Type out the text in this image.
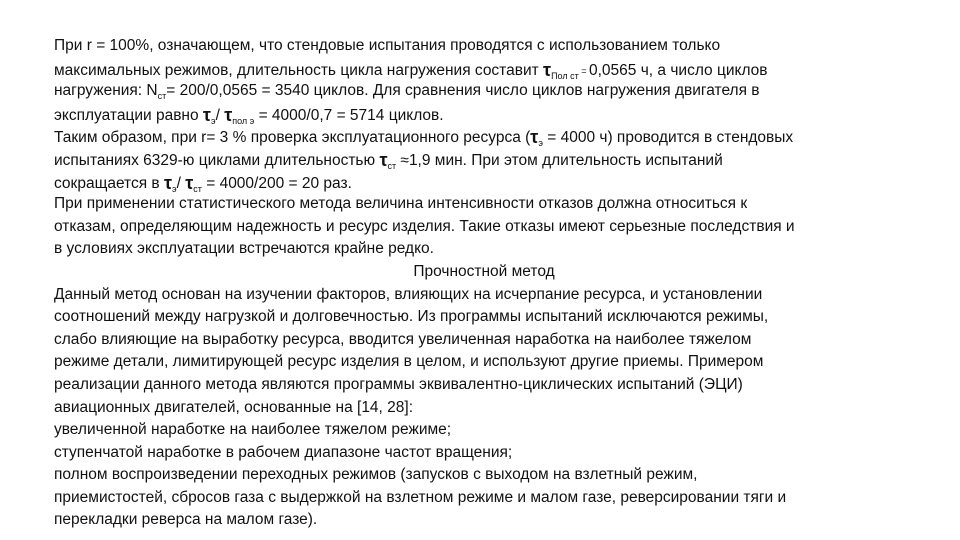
При r = 100%, означающем, что стендовые испытания проводятся с использованием только
максимальных режимов, длительность цикла нагружения составит $\tau_{Пол ст} = 0,0565$ ч, а число циклов
нагружения: $N_{ст}= 200/0,0565 = 3540$ циклов. Для сравнения число циклов нагружения двигателя в
эксплуатации равно $\tau_э/$ $\tau_{пол э} = 4000/0,7 = 5714$ циклов.
Таким образом, при r= 3 % проверка эксплуатационного ресурса ($\tau_э = 4000$ ч) проводится в стендовых
испытаниях 6329-ю циклами длительностью $\tau_{ст} \approx 1,9$ мин. При этом длительность испытаний
сокращается в $\tau_э/$ $\tau_{ст} = 4000/200 = 20$ раз.
При применении статистического метода величина интенсивности отказов должна относиться к
отказам, определяющим надежность и ресурс изделия. Такие отказы имеют серьезные последствия и
в условиях эксплуатации встречаются крайне редко.
Прочностной метод
Данный метод основан на изучении факторов, влияющих на исчерпание ресурса, и установлении
соотношений между нагрузкой и долговечностью. Из программы испытаний исключаются режимы,
слабо влияющие на выработку ресурса, вводится увеличенная наработка на наиболее тяжелом
режиме детали, лимитирующей ресурс изделия в целом, и используют другие приемы. Примером
реализации данного метода являются программы эквивалентно-циклических испытаний (ЭЦИ)
авиационных двигателей, основанные на [14, 28]:
увеличенной наработке на наиболее тяжелом режиме;
ступенчатой наработке в рабочем диапазоне частот вращения;
полном воспроизведении переходных режимов (запусков с выходом на взлетный режим,
приемистостей, сбросов газа с выдержкой на взлетном режиме и малом газе, реверсировании тяги и
перекладки реверса на малом газе).
